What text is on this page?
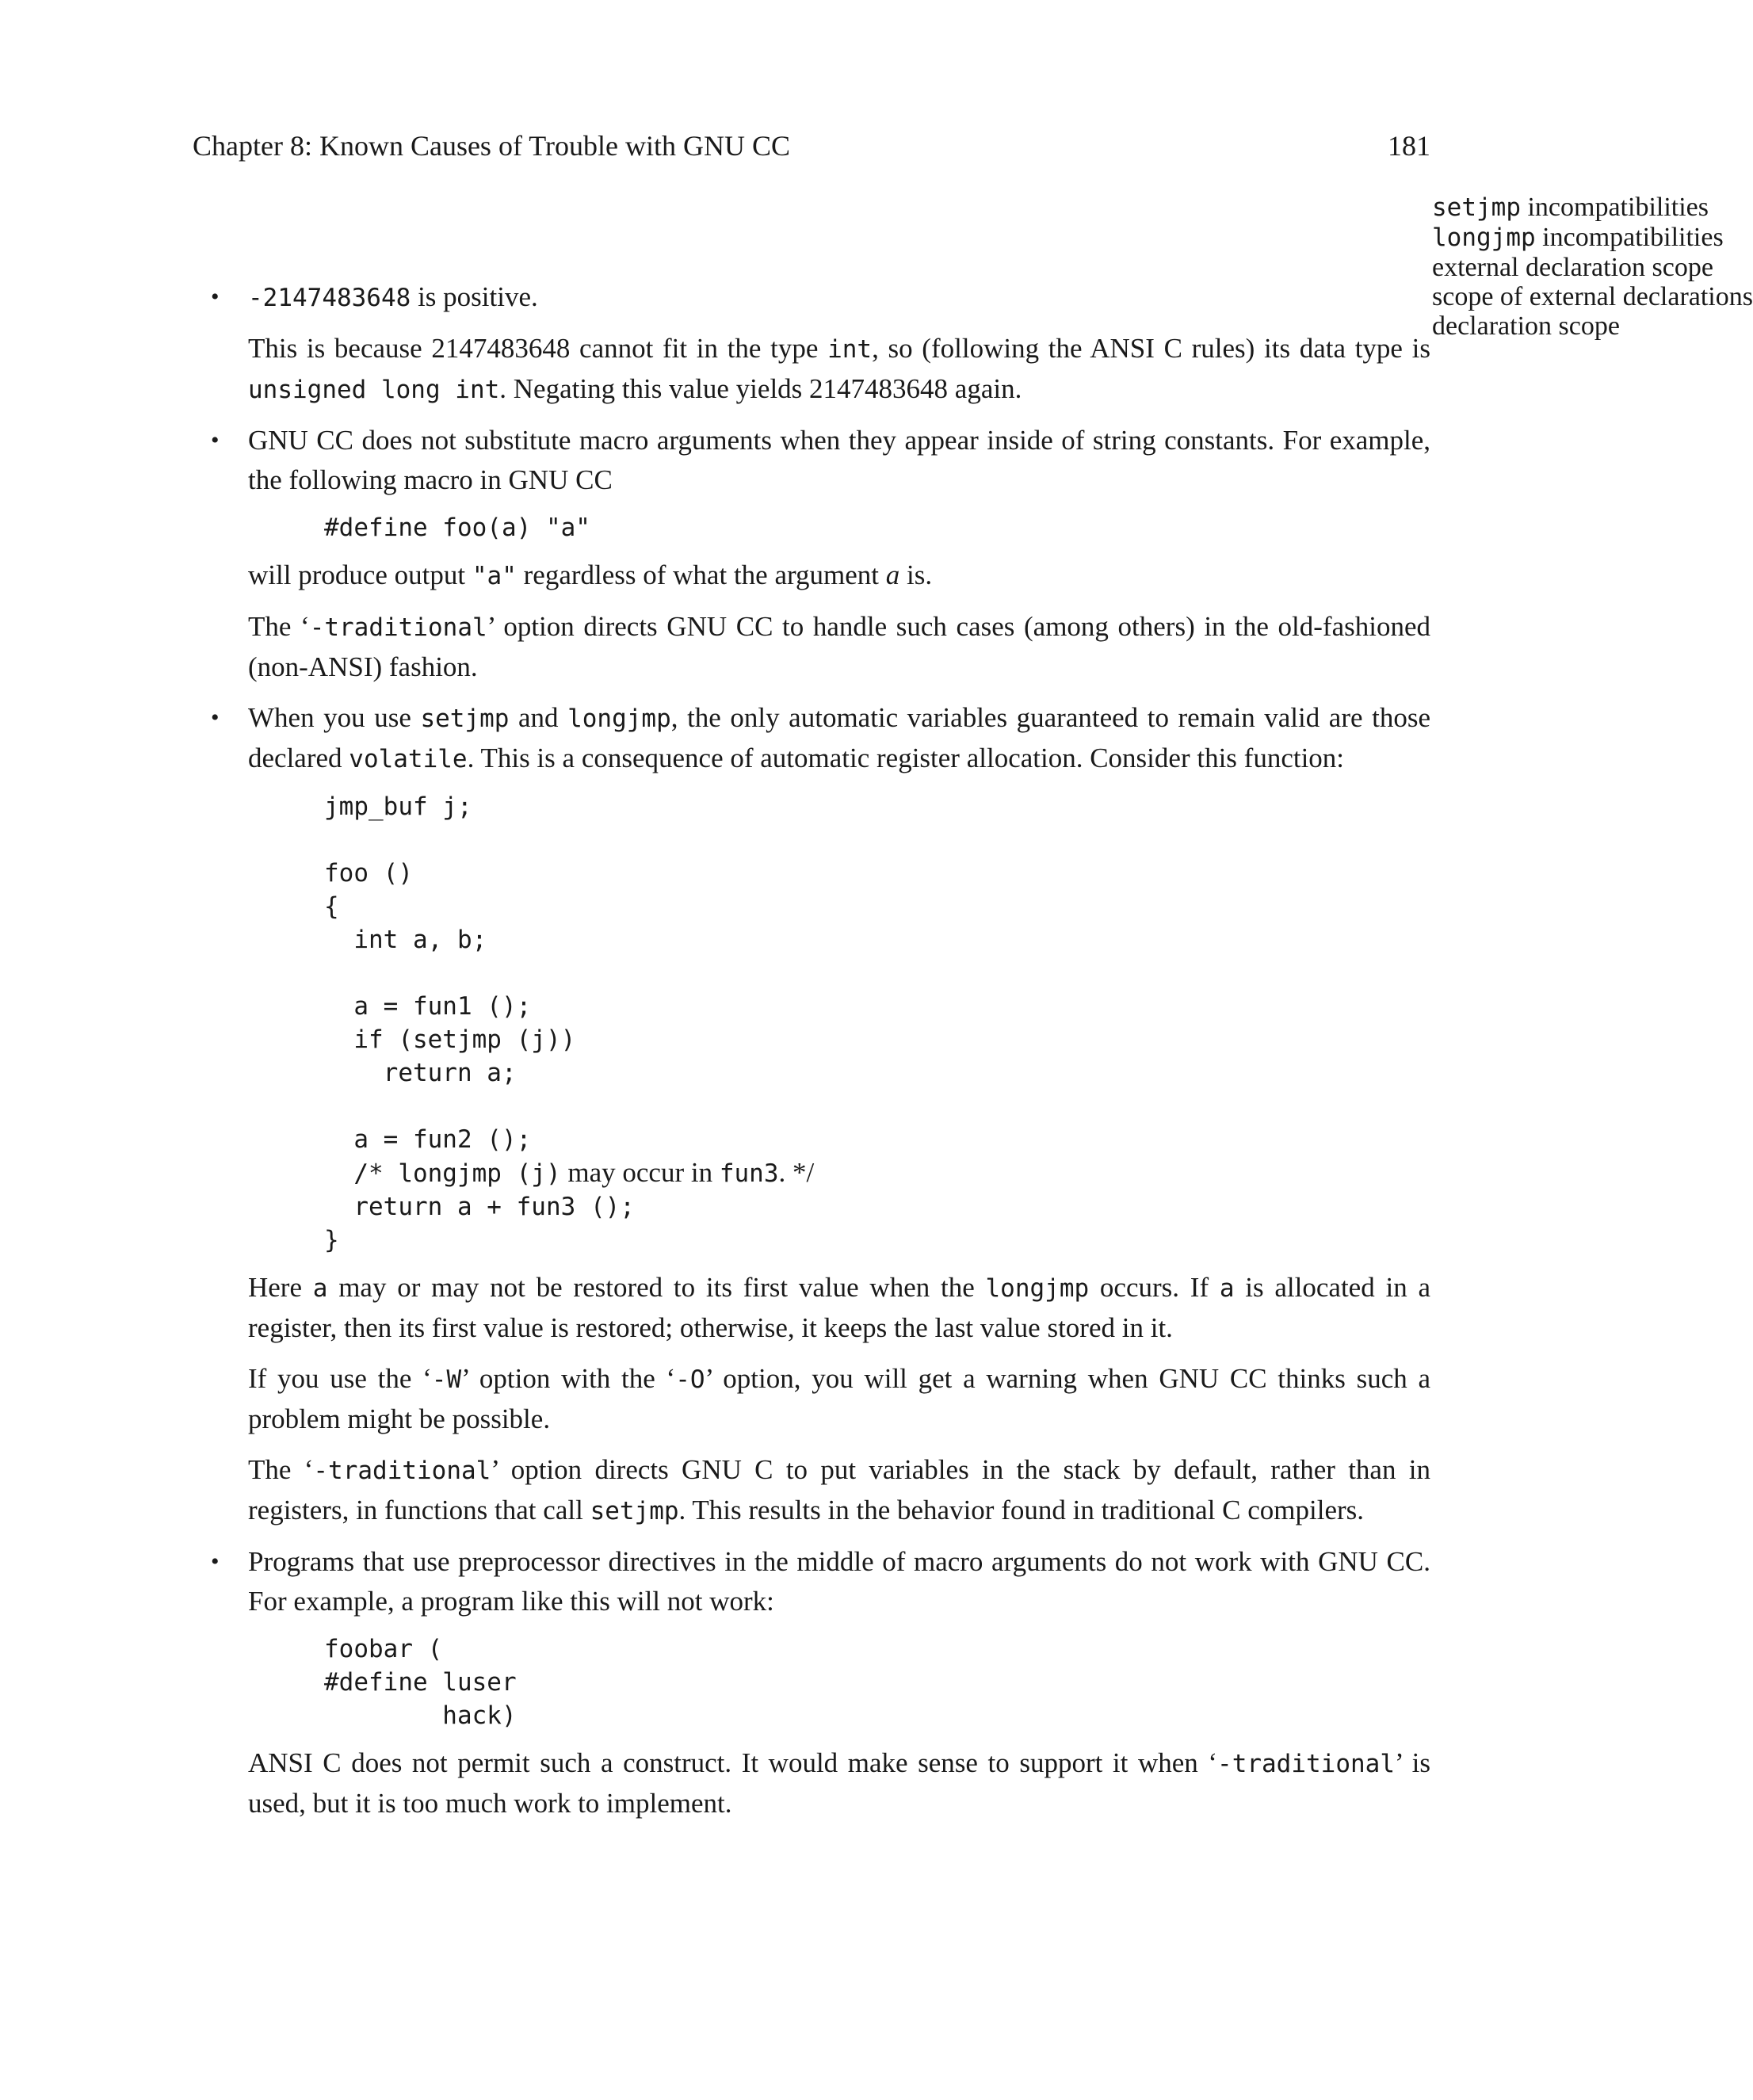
Chapter 8: Known Causes of Trouble with GNU CC	181
setjmp incompatibilities
longjmp incompatibilities
external declaration scope
scope of external declarations
declaration scope
• -2147483648 is positive.

This is because 2147483648 cannot fit in the type int, so (following the ANSI C rules) its data type is unsigned long int. Negating this value yields 2147483648 again.

• GNU CC does not substitute macro arguments when they appear inside of string constants. For example, the following macro in GNU CC

#define foo(a) "a"

will produce output "a" regardless of what the argument a is.

The ‘-traditional’ option directs GNU CC to handle such cases (among others) in the old-fashioned (non-ANSI) fashion.

• When you use setjmp and longjmp, the only automatic variables guaranteed to remain valid are those declared volatile. This is a consequence of automatic register allocation. Consider this function:

jmp_buf j;

foo ()
{
int a, b;

a = fun1 ();
if (setjmp (j))
return a;

a = fun2 ();
/* longjmp (j) may occur in fun3. */
return a + fun3 ();
}

Here a may or may not be restored to its first value when the longjmp occurs. If a is allocated in a register, then its first value is restored; otherwise, it keeps the last value stored in it.

If you use the ‘-W’ option with the ‘-O’ option, you will get a warning when GNU CC thinks such a problem might be possible.

The ‘-traditional’ option directs GNU C to put variables in the stack by default, rather than in registers, in functions that call setjmp. This results in the behavior found in traditional C compilers.

• Programs that use preprocessor directives in the middle of macro arguments do not work with GNU CC. For example, a program like this will not work:

foobar (
#define luser
hack)

ANSI C does not permit such a construct. It would make sense to support it when ‘-traditional’ is used, but it is too much work to implement.
